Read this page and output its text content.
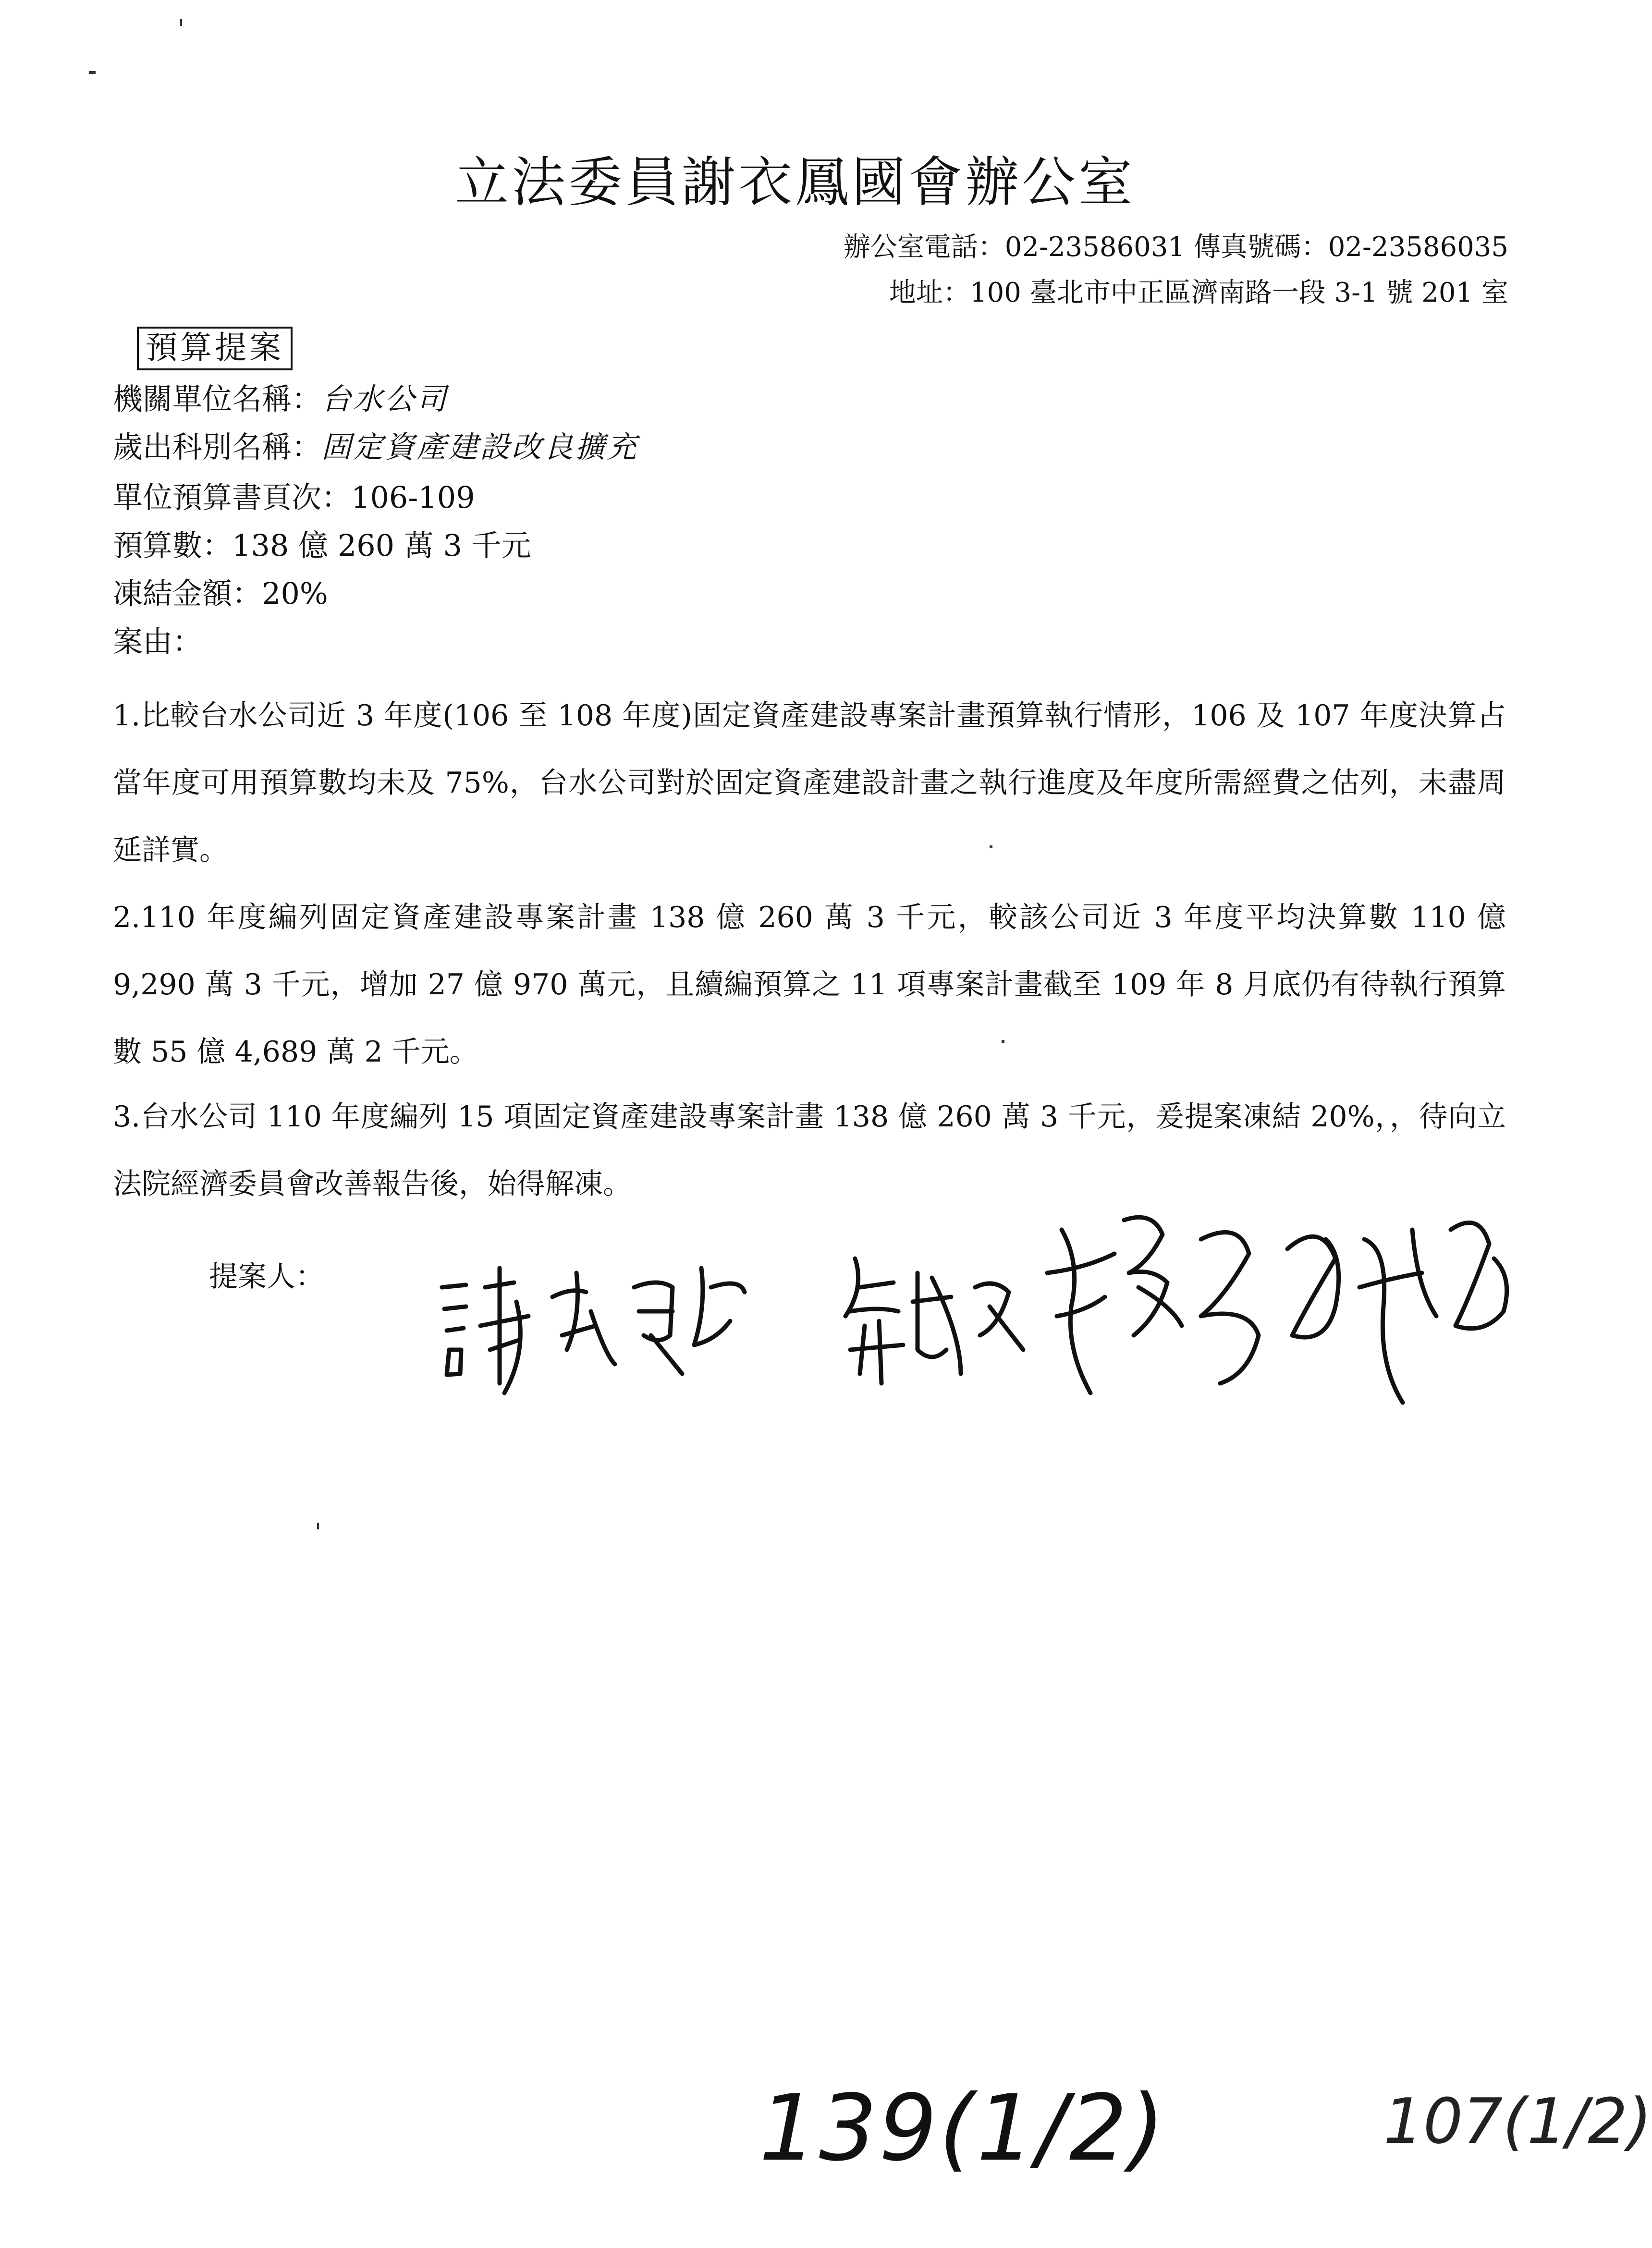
立法委員謝衣鳳國會辦公室
辦公室電話：02-23586031 傳真號碼：02-23586035
地址：100 臺北市中正區濟南路一段 3-1 號 201 室
預算提案
機關單位名稱：台水公司
歲出科別名稱：固定資產建設改良擴充
單位預算書頁次：106-109
預算數：138 億 260 萬 3 千元
凍結金額：20%
案由：
1.比較台水公司近 3 年度(106 至 108 年度)固定資產建設專案計畫預算執行情形，106 及 107 年度決算占當年度可用預算數均未及 75%，台水公司對於固定資產建設計畫之執行進度及年度所需經費之估列，未盡周延詳實。
2.110 年度編列固定資產建設專案計畫 138 億 260 萬 3 千元，較該公司近 3 年度平均決算數 110 億 9,290 萬 3 千元，增加 27 億 970 萬元，且續編預算之 11 項專案計畫截至 109 年 8 月底仍有待執行預算數 55 億 4,689 萬 2 千元。
3.台水公司 110 年度編列 15 項固定資產建設專案計畫 138 億 260 萬 3 千元，爰提案凍結 20%，，待向立法院經濟委員會改善報告後，始得解凍。
提案人：
139(1/2)	107(1/2)
